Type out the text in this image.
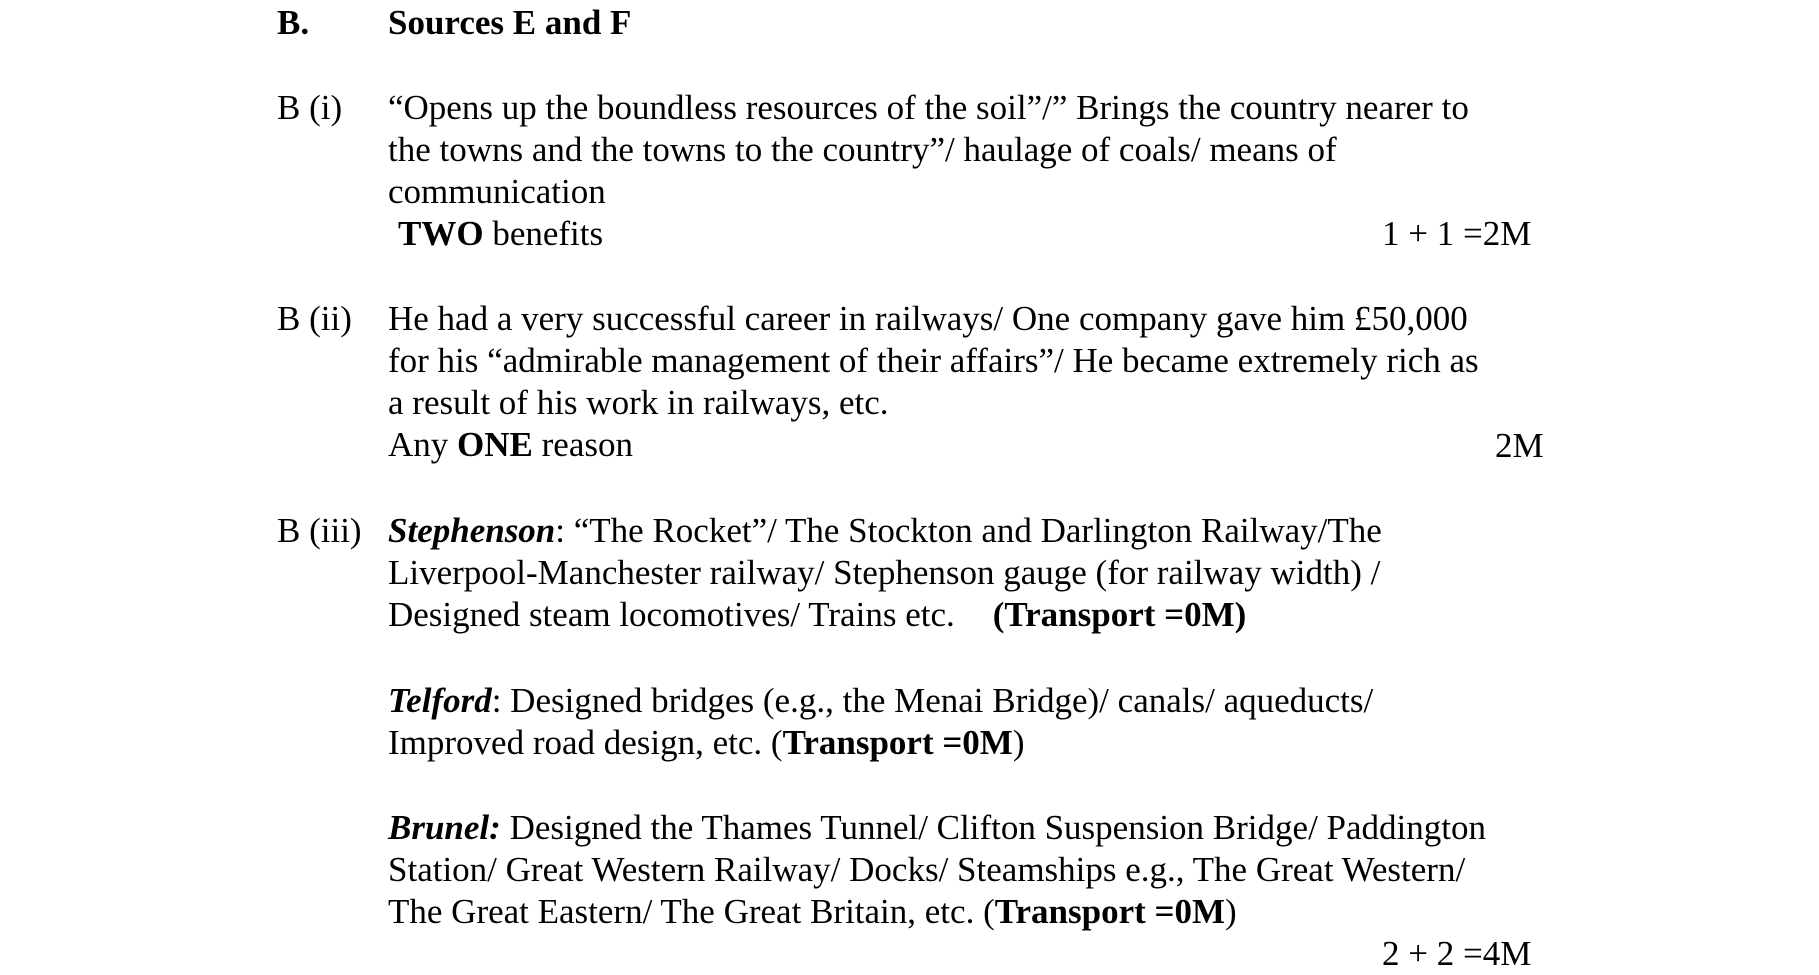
B. Sources E and F
B (i) “Opens up the boundless resources of the soil”/” Brings the country nearer to
the towns and the towns to the country”/ haulage of coals/ means of
communication
TWO benefits	1 + 1 =2M
B (ii) He had a very successful career in railways/ One company gave him £50,000
for his “admirable management of their affairs”/ He became extremely rich as
a result of his work in railways, etc.
Any ONE reason	2M
B (iii) Stephenson: “The Rocket”/ The Stockton and Darlington Railway/The
Liverpool-Manchester railway/ Stephenson gauge (for railway width) /
Designed steam locomotives/ Trains etc. (Transport =0M)
Telford: Designed bridges (e.g., the Menai Bridge)/ canals/ aqueducts/
Improved road design, etc. (Transport =0M)
Brunel: Designed the Thames Tunnel/ Clifton Suspension Bridge/ Paddington
Station/ Great Western Railway/ Docks/ Steamships e.g., The Great Western/
The Great Eastern/ The Great Britain, etc. (Transport =0M)
2 + 2 =4M
